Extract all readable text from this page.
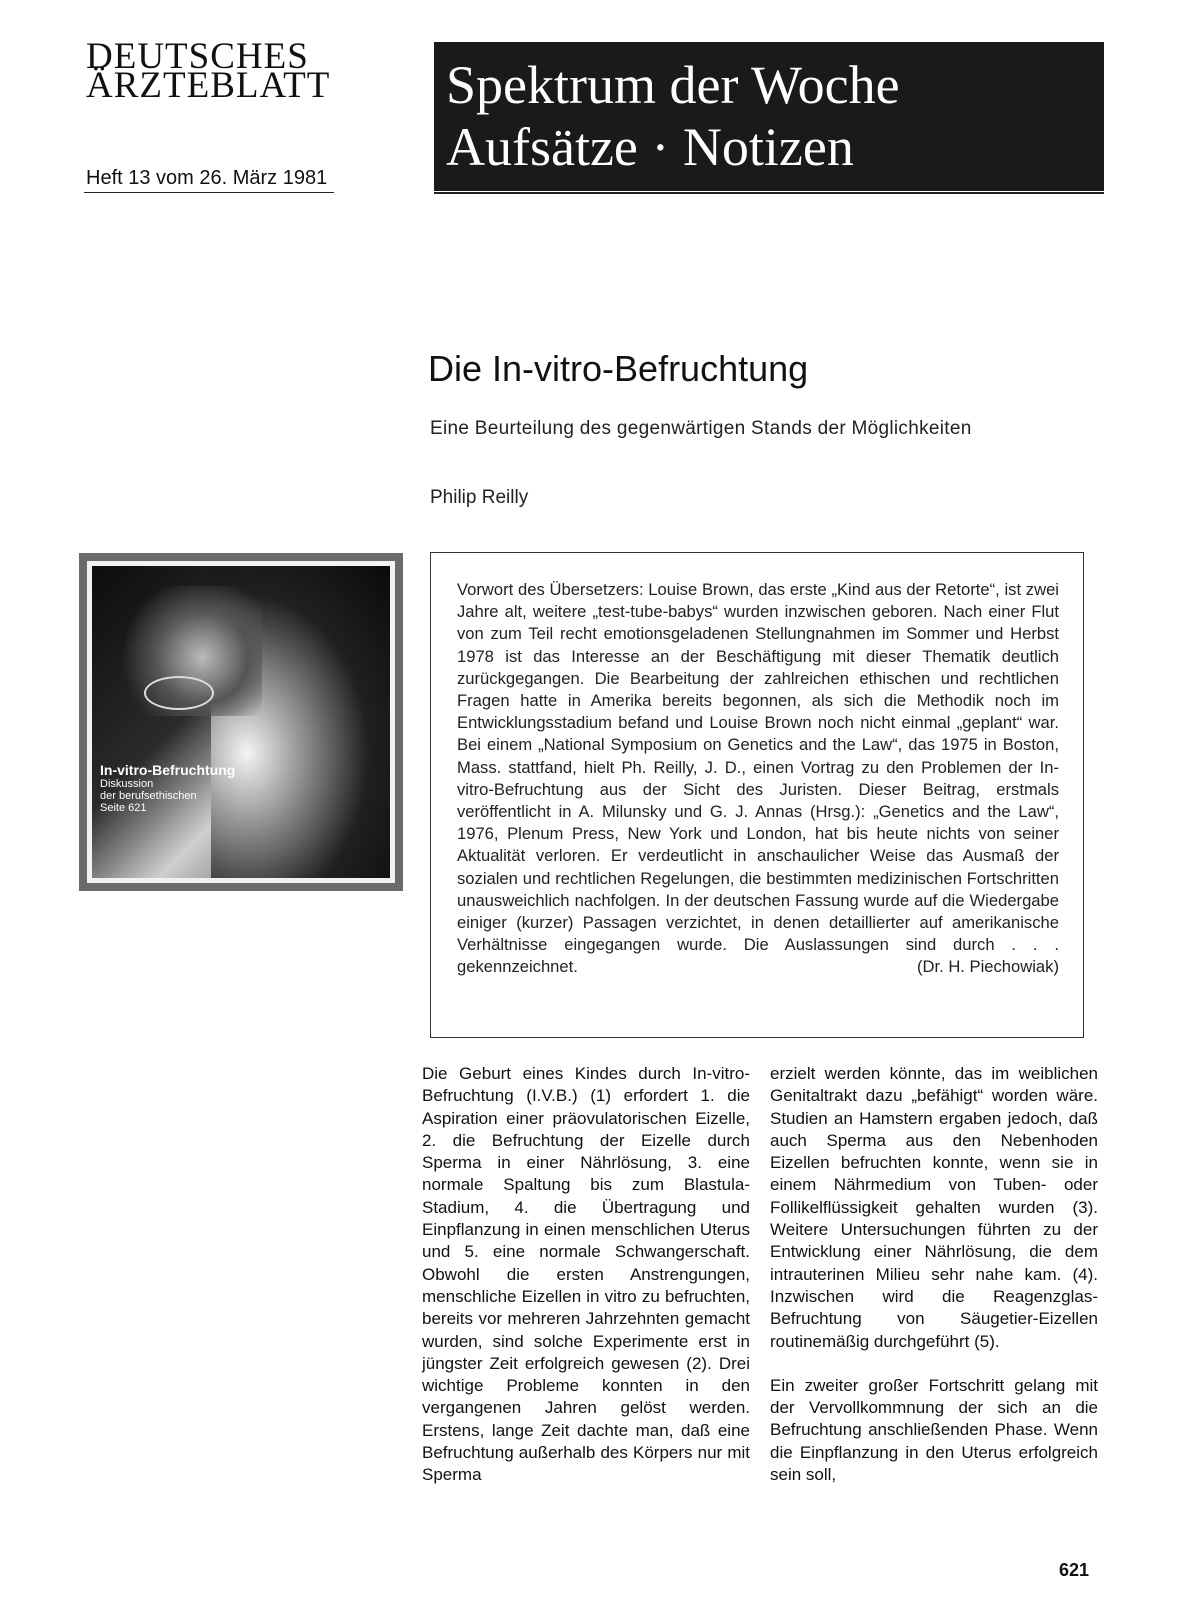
DEUTSCHES
ÄRZTEBLATT
Heft 13 vom 26. März 1981
Spektrum der Woche
Aufsätze · Notizen
Die In-vitro-Befruchtung
Eine Beurteilung des gegenwärtigen Stands der Möglichkeiten
Philip Reilly
In-vitro-Befruchtung
Diskussion
der berufsethischen
Seite 621

Vorwort des Übersetzers: Louise Brown, das erste „Kind aus der Retorte“, ist zwei Jahre alt, weitere „test-tube-babys“ wurden inzwischen geboren. Nach einer Flut von zum Teil recht emotionsgeladenen Stellungnahmen im Sommer und Herbst 1978 ist das Interesse an der Beschäftigung mit dieser Thematik deutlich zurückgegangen. Die Bearbeitung der zahlreichen ethischen und rechtlichen Fragen hatte in Amerika bereits begonnen, als sich die Methodik noch im Entwicklungsstadium befand und Louise Brown noch nicht einmal „geplant“ war. Bei einem „National Symposium on Genetics and the Law“, das 1975 in Boston, Mass. stattfand, hielt Ph. Reilly, J. D., einen Vortrag zu den Problemen der In-vitro-Befruchtung aus der Sicht des Juristen. Dieser Beitrag, erstmals veröffentlicht in A. Milunsky und G. J. Annas (Hrsg.): „Genetics and the Law“, 1976, Plenum Press, New York und London, hat bis heute nichts von seiner Aktualität verloren. Er verdeutlicht in anschaulicher Weise das Ausmaß der sozialen und rechtlichen Regelungen, die bestimmten medizinischen Fortschritten unausweichlich nachfolgen. In der deutschen Fassung wurde auf die Wiedergabe einiger (kurzer) Passagen verzichtet, in denen detaillierter auf amerikanische Verhältnisse eingegangen wurde. Die Auslassungen sind durch . . . gekennzeichnet.	(Dr. H. Piechowiak)

Die Geburt eines Kindes durch In-vitro-Befruchtung (I.V.B.) (1) erfordert 1. die Aspiration einer präovulatorischen Eizelle, 2. die Befruchtung der Eizelle durch Sperma in einer Nährlösung, 3. eine normale Spaltung bis zum Blastula-Stadium, 4. die Übertragung und Einpflanzung in einen menschlichen Uterus und 5. eine normale Schwangerschaft. Obwohl die ersten Anstrengungen, menschliche Eizellen in vitro zu befruchten, bereits vor mehreren Jahrzehnten gemacht wurden, sind solche Experimente erst in jüngster Zeit erfolgreich gewesen (2). Drei wichtige Probleme konnten in den vergangenen Jahren gelöst werden. Erstens, lange Zeit dachte man, daß eine Befruchtung außerhalb des Körpers nur mit Sperma

erzielt werden könnte, das im weiblichen Genitaltrakt dazu „befähigt“ worden wäre. Studien an Hamstern ergaben jedoch, daß auch Sperma aus den Nebenhoden Eizellen befruchten konnte, wenn sie in einem Nährmedium von Tuben- oder Follikelflüssigkeit gehalten wurden (3). Weitere Untersuchungen führten zu der Entwicklung einer Nährlösung, die dem intrauterinen Milieu sehr nahe kam. (4). Inzwischen wird die Reagenzglas-Befruchtung von Säugetier-Eizellen routinemäßig durchgeführt (5).

Ein zweiter großer Fortschritt gelang mit der Vervollkommnung der sich an die Befruchtung anschließenden Phase. Wenn die Einpflanzung in den Uterus erfolgreich sein soll,

621
